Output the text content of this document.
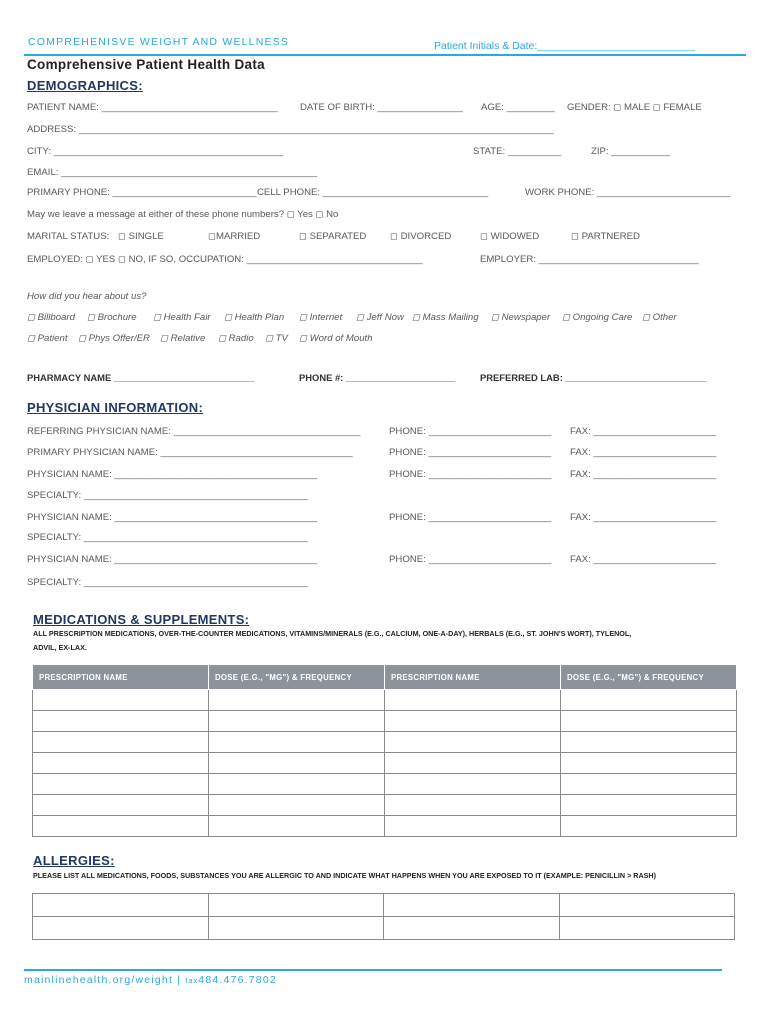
COMPREHENISVE WEIGHT AND WELLNESS	Patient Initials & Date:___________________________
Comprehensive Patient Health Data
DEMOGRAPHICS:
PATIENT NAME: _________________________________ DATE OF BIRTH: ________________ AGE: _________ GENDER: ◻ MALE ◻ FEMALE
ADDRESS: _________________________________________________________________________________________
CITY: ___________________________________________	STATE: __________	ZIP: ___________
EMAIL: ________________________________________________
PRIMARY PHONE: ___________________________ CELL PHONE: _______________________________	WORK PHONE: _________________________
May we leave a message at either of these phone numbers? ◻ Yes ◻ No
MARITAL STATUS: ◻ SINGLE	◻MARRIED	◻ SEPARATED ◻ DIVORCED	◻ WIDOWED	◻ PARTNERED
EMPLOYED: ◻ YES ◻ NO, IF SO, OCCUPATION: _________________________________	EMPLOYER: ______________________________
How did you hear about us?
◻ Billboard ◻ Brochure ◻ Health Fair ◻ Health Plan ◻ Internet ◻ Jeff Now ◻ Mass Mailing ◻ Newspaper ◻ Ongoing Care ◻ Other
◻ Patient ◻ Phys Offer/ER ◻ Relative ◻ Radio ◻ TV ◻ Word of Mouth
PHARMACY NAME ___________________________	PHONE #: _____________________	PREFERRED LAB: ___________________________
PHYSICIAN INFORMATION:
REFERRING PHYSICIAN NAME: ___________________________________	PHONE: _______________________ FAX: _______________________
PRIMARY PHYSICIAN NAME: ____________________________________	PHONE: _______________________ FAX: _______________________
PHYSICIAN NAME: ______________________________________	PHONE: _______________________ FAX: _______________________
SPECIALTY: __________________________________________
PHYSICIAN NAME: ______________________________________	PHONE: _______________________ FAX: _______________________
SPECIALTY: __________________________________________
PHYSICIAN NAME: ______________________________________	PHONE: _______________________ FAX: _______________________
SPECIALTY: __________________________________________
MEDICATIONS & SUPPLEMENTS:
ALL PRESCRIPTION MEDICATIONS, OVER-THE-COUNTER MEDICATIONS, VITAMINS/MINERALS (E.G., CALCIUM, ONE-A-DAY), HERBALS (E.G., ST. JOHN'S WORT), TYLENOL,
ADVIL, EX-LAX.
PRESCRIPTION NAME	DOSE (E.G., "MG") & FREQUENCY	PRESCRIPTION NAME	DOSE (E.G., "MG") & FREQUENCY

ALLERGIES:
PLEASE LIST ALL MEDICATIONS, FOODS, SUBSTANCES YOU ARE ALLERGIC TO AND INDICATE WHAT HAPPENS WHEN YOU ARE EXPOSED TO IT (EXAMPLE: PENICILLIN > RASH)

mainlinehealth.org/weight | fax484.476.7802
